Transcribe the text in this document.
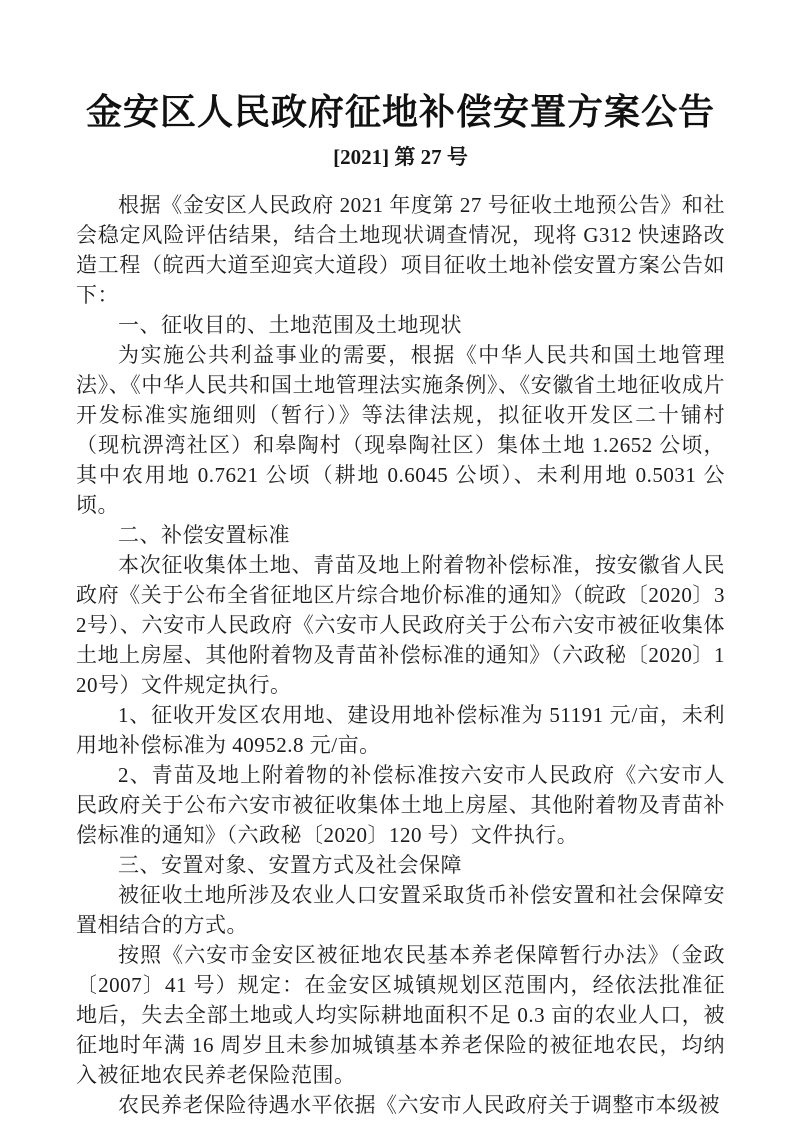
金安区人民政府征地补偿安置方案公告
[2021] 第 27 号

根据《金安区人民政府 2021 年度第 27 号征收土地预公告》和社会稳定风险评估结果，结合土地现状调查情况，现将 G312 快速路改造工程（皖西大道至迎宾大道段）项目征收土地补偿安置方案公告如下：

一、征收目的、土地范围及土地现状

为实施公共利益事业的需要，根据《中华人民共和国土地管理法》、《中华人民共和国土地管理法实施条例》、《安徽省土地征收成片开发标准实施细则（暂行）》等法律法规，拟征收开发区二十铺村（现杭淠湾社区）和皋陶村（现皋陶社区）集体土地 1.2652 公顷，其中农用地 0.7621 公顷（耕地 0.6045 公顷）、未利用地 0.5031 公顷。

二、补偿安置标准

本次征收集体土地、青苗及地上附着物补偿标准，按安徽省人民政府《关于公布全省征地区片综合地价标准的通知》（皖政〔2020〕32号）、六安市人民政府《六安市人民政府关于公布六安市被征收集体土地上房屋、其他附着物及青苗补偿标准的通知》（六政秘〔2020〕120号）文件规定执行。

1、征收开发区农用地、建设用地补偿标准为 51191 元/亩，未利用地补偿标准为 40952.8 元/亩。

2、青苗及地上附着物的补偿标准按六安市人民政府《六安市人民政府关于公布六安市被征收集体土地上房屋、其他附着物及青苗补偿标准的通知》（六政秘〔2020〕120 号）文件执行。

三、安置对象、安置方式及社会保障

被征收土地所涉及农业人口安置采取货币补偿安置和社会保障安置相结合的方式。

按照《六安市金安区被征地农民基本养老保障暂行办法》（金政〔2007〕41 号）规定：在金安区城镇规划区范围内，经依法批准征地后，失去全部土地或人均实际耕地面积不足 0.3 亩的农业人口，被征地时年满 16 周岁且未参加城镇基本养老保险的被征地农民，均纳入被征地农民养老保险范围。

农民养老保险待遇水平依据《六安市人民政府关于调整市本级被
